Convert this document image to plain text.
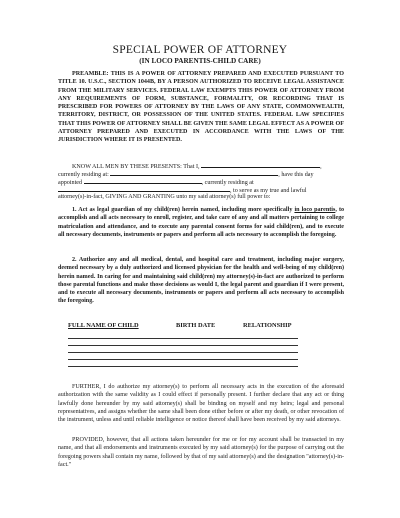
SPECIAL POWER OF ATTORNEY
(IN LOCO PARENTIS-CHILD CARE)
PREAMBLE: THIS IS A POWER OF ATTORNEY PREPARED AND EXECUTED PURSUANT TO TITLE 10. U.S.C., SECTION 1044B, BY A PERSON AUTHORIZED TO RECEIVE LEGAL ASSISTANCE FROM THE MILITARY SERVICES. FEDERAL LAW EXEMPTS THIS POWER OF ATTORNEY FROM ANY REQUIREMENTS OF FORM, SUBSTANCE, FORMALITY, OR RECORDING THAT IS PRESCRIBED FOR POWERS OF ATTORNEY BY THE LAWS OF ANY STATE, COMMONWEALTH, TERRITORY, DISTRICT, OR POSSESSION OF THE UNITED STATES. FEDERAL LAW SPECIFIES THAT THIS POWER OF ATTORNEY SHALL BE GIVEN THE SAME LEGAL EFFECT AS A POWER OF ATTORNEY PREPARED AND EXECUTED IN ACCORDANCE WITH THE LAWS OF THE JURISDICTION WHERE IT IS PRESENTED.
KNOW ALL MEN BY THESE PRESENTS: That I,	,
currently residing at:	, have this day
appointed	, currently residing at
, to serve as my true and lawful
attorney(s)-in-fact, GIVING AND GRANTING unto my said attorney(s) full power to:
1. Act as legal guardian of my child(ren) herein named, including more specifically in loco parentis, to accomplish and all acts necessary to enroll, register, and take care of any and all matters pertaining to college matriculation and attendance, and to execute any parental consent forms for said child(ren), and to execute all necessary documents, instruments or papers and perform all acts necessary to accomplish the foregoing.
2. Authorize any and all medical, dental, and hospital care and treatment, including major surgery, deemed necessary by a duly authorized and licensed physician for the health and well-being of my child(ren) herein named. In caring for and maintaining said child(ren) my attorney(s)-in-fact are authorized to perform those parental functions and make those decisions as would I, the legal parent and guardian if I were present, and to execute all necessary documents, instruments or papers and perform all acts necessary to accomplish the foregoing.
FULL NAME OF CHILD	BIRTH DATE	RELATIONSHIP
FURTHER, I do authorize my attorney(s) to perform all necessary acts in the execution of the aforesaid authorization with the same validity as I could effect if personally present. I further declare that any act or thing lawfully done hereunder by my said attorney(s) shall be binding on myself and my heirs; legal and personal representatives, and assigns whether the same shall been done either before or after my death, or other revocation of the instrument, unless and until reliable intelligence or notice thereof shall have been received by my said attorneys.
PROVIDED, however, that all actions taken hereunder for me or for my account shall be transacted in my name, and that all endorsements and instruments executed by my said attorney(s) for the purpose of carrying out the foregoing powers shall contain my name, followed by that of my said attorney(s) and the designation "attorney(s)-in-fact."
